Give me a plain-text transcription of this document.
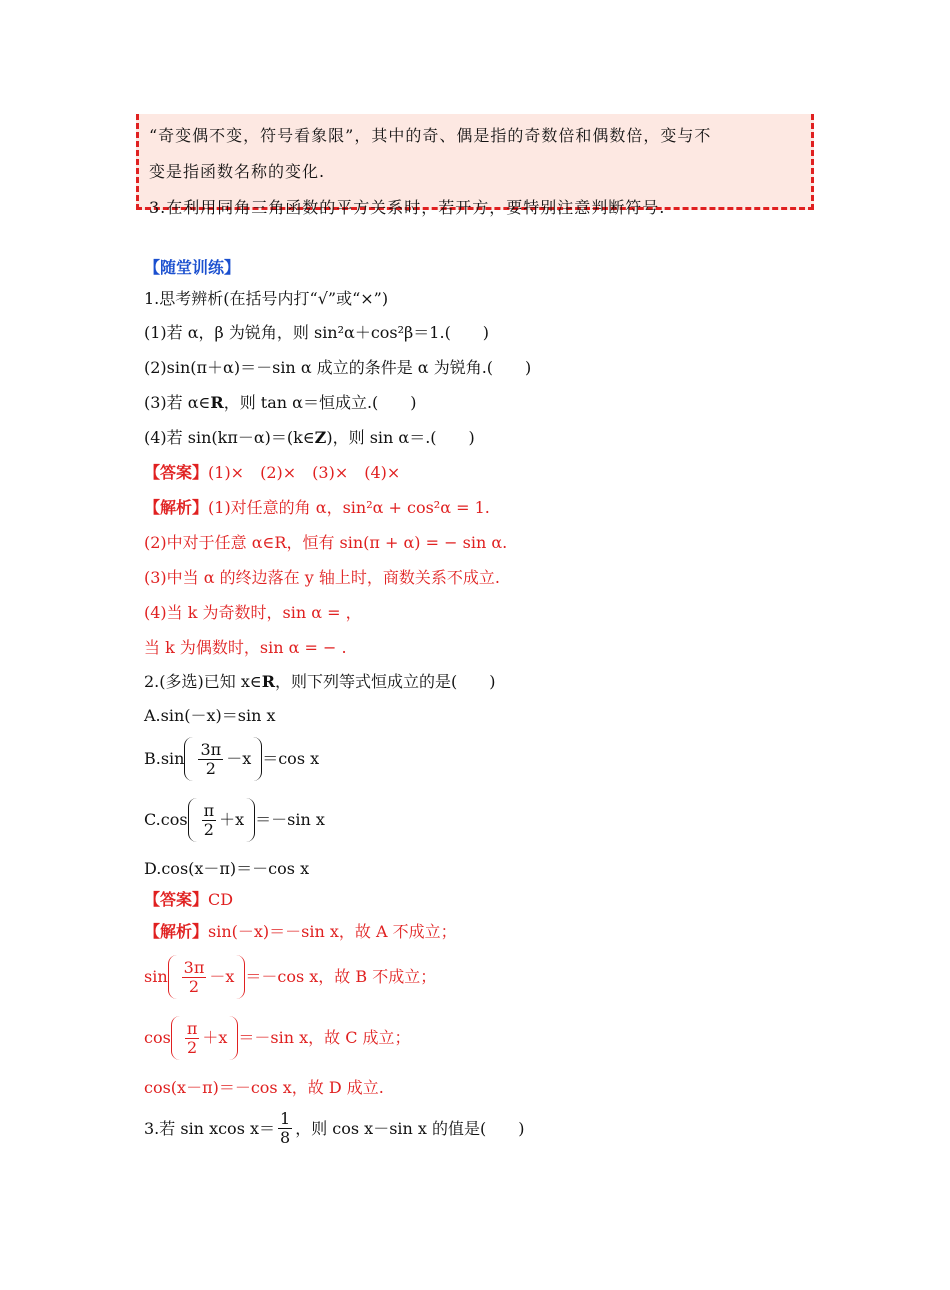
“奇变偶不变，符号看象限”，其中的奇、偶是指的奇数倍和偶数倍，变与不

变是指函数名称的变化.

3.在利用同角三角函数的平方关系时，若开方，要特别注意判断符号.

【随堂训练】
1.思考辨析(在括号内打“√”或“×”)
(1)若 α，β 为锐角，则 sin²α＋cos²β＝1.(　　)
(2)sin(π＋α)＝－sin α 成立的条件是 α 为锐角.(　　)
(3)若 α∈R，则 tan α＝恒成立.(　　)
(4)若 sin(kπ－α)＝(k∈Z)，则 sin α＝.(　　)
【答案】(1)×　(2)×　(3)×　(4)×
【解析】(1)对任意的角 α，sin²α + cos²α = 1.
(2)中对于任意 α∈R，恒有 sin(π + α) = − sin α.
(3)中当 α 的终边落在 y 轴上时，商数关系不成立.
(4)当 k 为奇数时，sin α = ，
当 k 为偶数时，sin α = − .
2.(多选)已知 x∈R，则下列等式恒成立的是(　　)
A.sin(－x)＝sin x
$B.\sin \frac{3\pi}{2} -x =\cos$ x
$C.\cos \frac{\pi}{2} +x =-\sin$ x
D.cos(x－π)＝－cos x
【答案】CD
【解析】sin(－x)＝－sin x，故 A 不成立；
$\sin \frac{3\pi}{2} -x =-\cos$ x，故 B 不成立；
$\cos \frac{\pi}{2} +x =-\sin$ x，故 C 成立；
cos(x－π)＝－cos x，故 D 成立.
3.若 sin xcos $x= \frac{1}{8}$ ，则 cos x－sin x 的值是(　　)
